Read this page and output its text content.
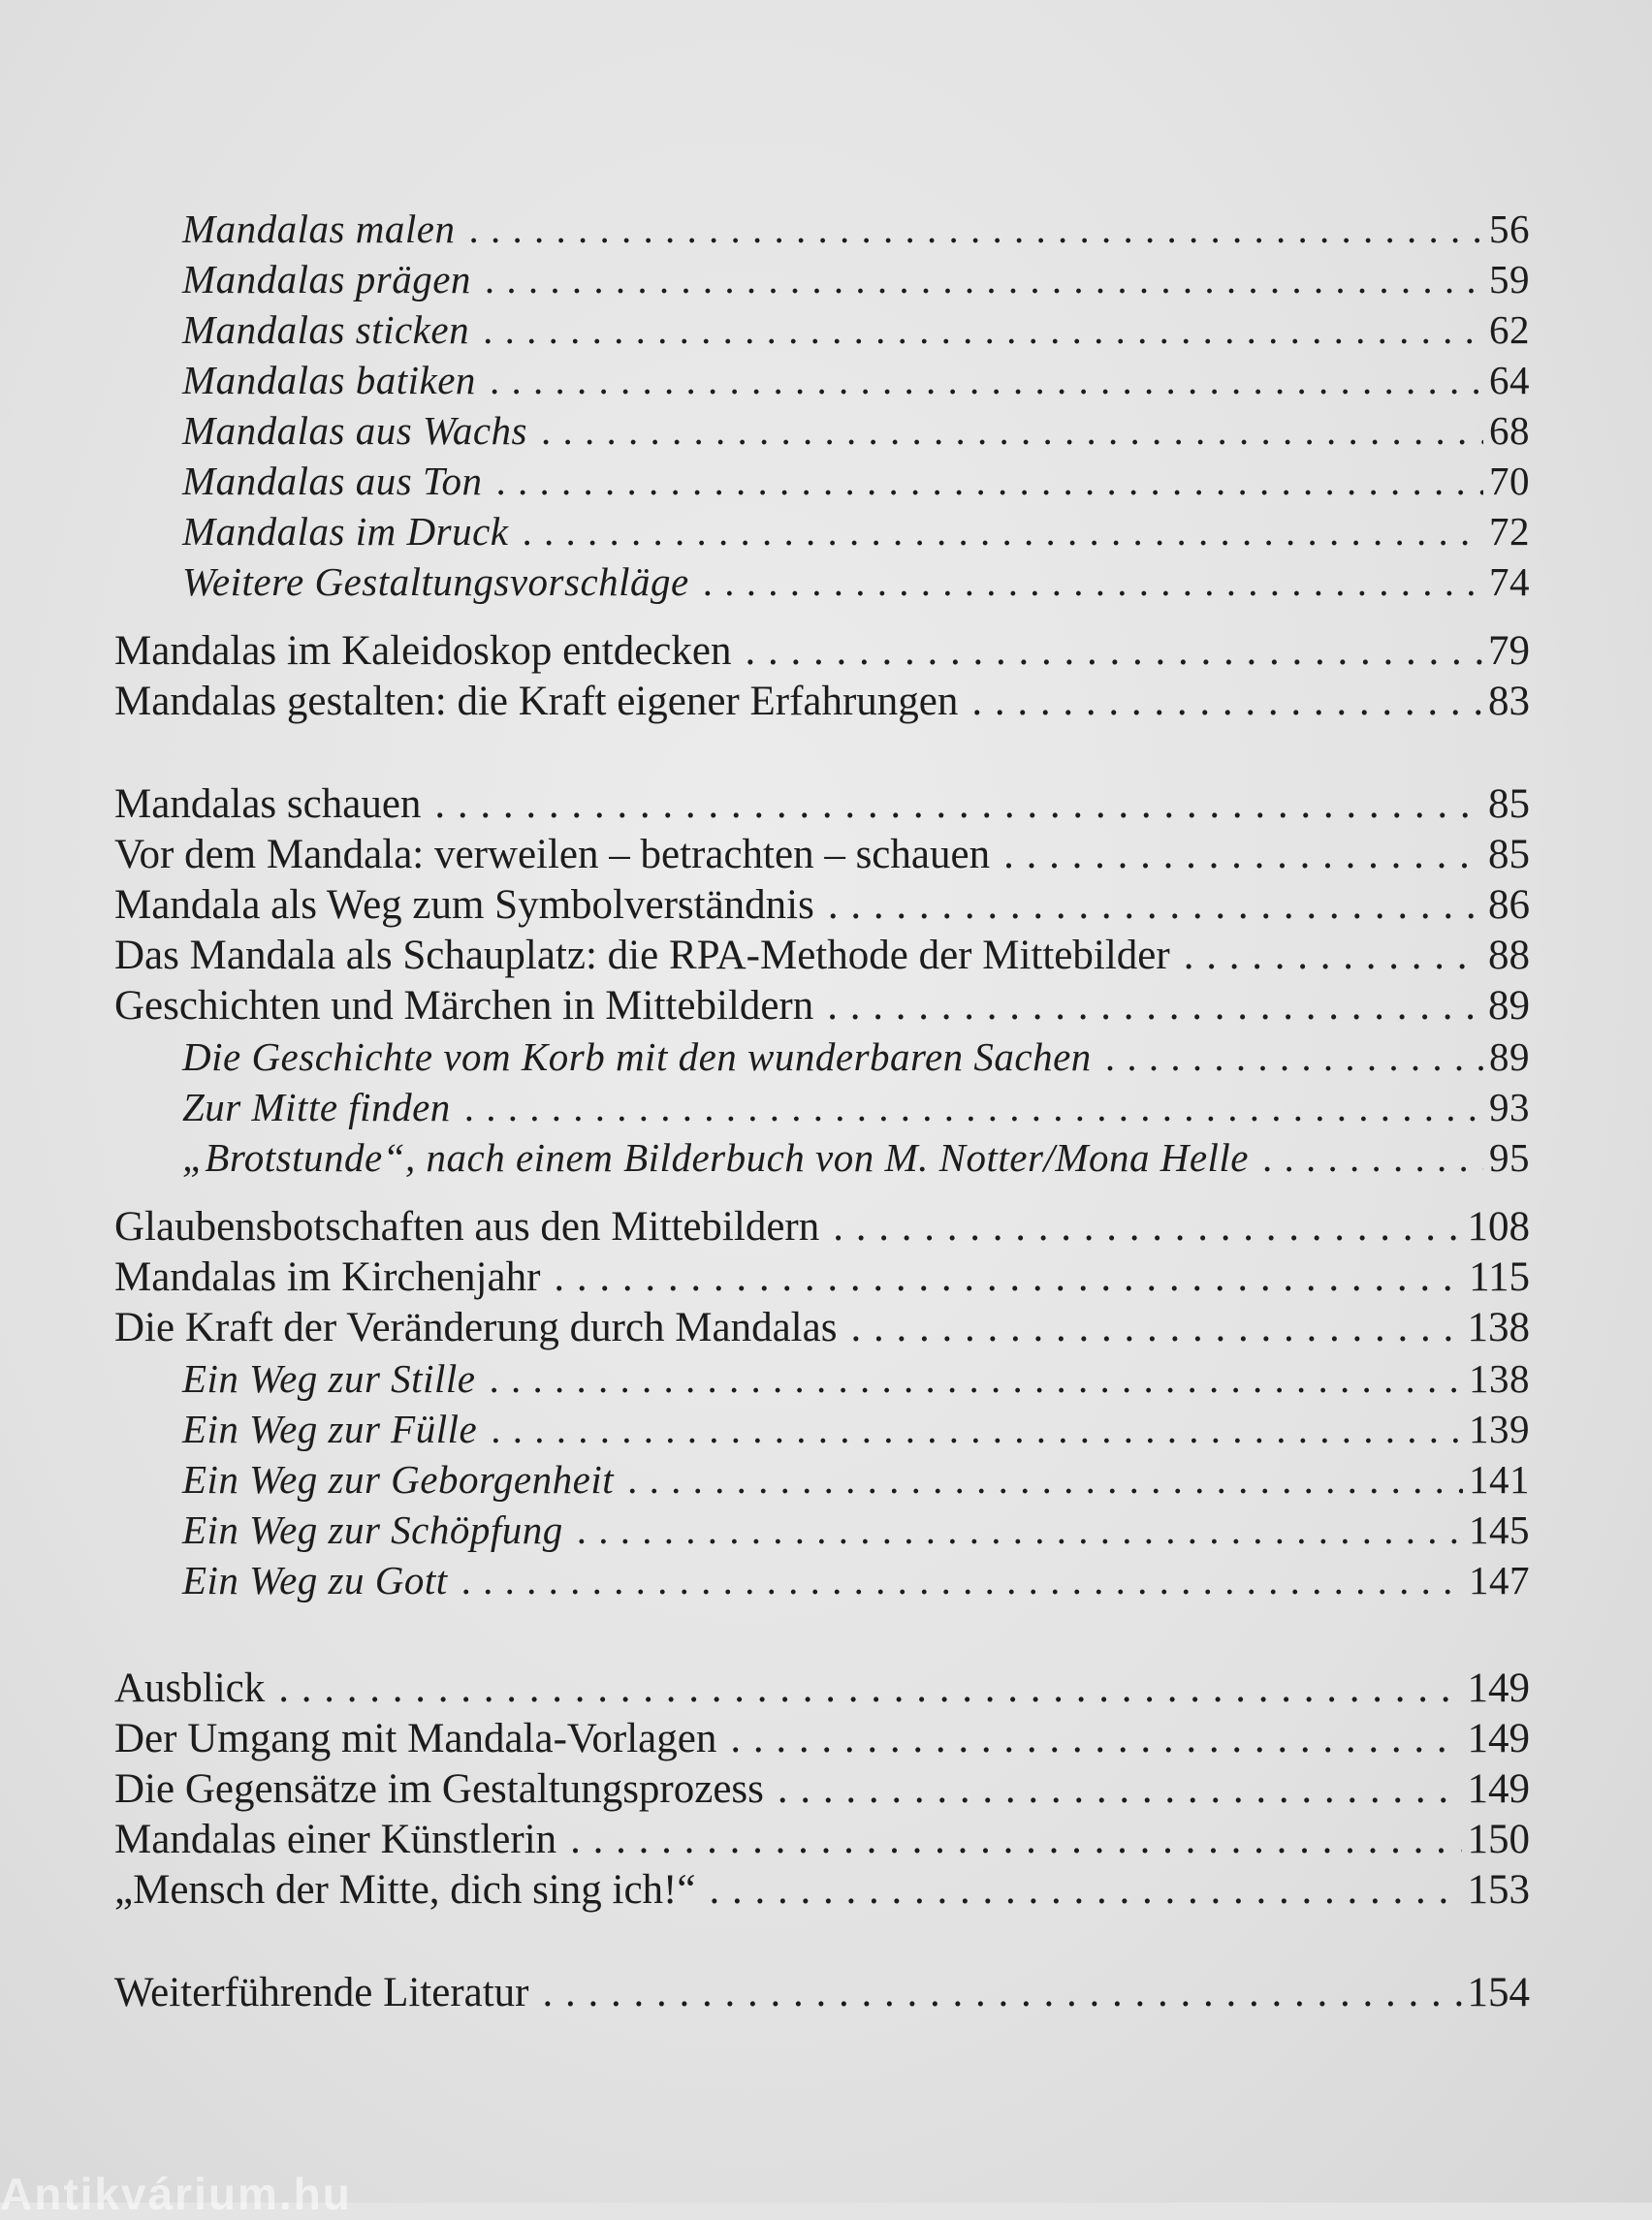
Mandalas malen . . .	56
Mandalas prägen . . .	59
Mandalas sticken . . .	62
Mandalas batiken . . .	64
Mandalas aus Wachs . . .	68
Mandalas aus Ton . . .	70
Mandalas im Druck . . .	72
Weitere Gestaltungsvorschläge . . .	74
Mandalas im Kaleidoskop entdecken . . .	79
Mandalas gestalten: die Kraft eigener Erfahrungen . . .	83
Mandalas schauen . . .	85
Vor dem Mandala: verweilen – betrachten – schauen . . .	85
Mandala als Weg zum Symbolverständnis . . .	86
Das Mandala als Schauplatz: die RPA-Methode der Mittebilder . . .	88
Geschichten und Märchen in Mittebildern . . .	89
Die Geschichte vom Korb mit den wunderbaren Sachen . . .	89
Zur Mitte finden . . .	93
„Brotstunde“, nach einem Bilderbuch von M. Notter/Mona Helle . . .	95
Glaubensbotschaften aus den Mittebildern . . .	108
Mandalas im Kirchenjahr . . .	115
Die Kraft der Veränderung durch Mandalas . . .	138
Ein Weg zur Stille . . .	138
Ein Weg zur Fülle . . .	139
Ein Weg zur Geborgenheit . . .	141
Ein Weg zur Schöpfung . . .	145
Ein Weg zu Gott . . .	147
Ausblick . . .	149
Der Umgang mit Mandala-Vorlagen . . .	149
Die Gegensätze im Gestaltungsprozess . . .	149
Mandalas einer Künstlerin . . .	150
„Mensch der Mitte, dich sing ich!“ . . .	153
Weiterführende Literatur . . .	154
Antikvárium.hu
